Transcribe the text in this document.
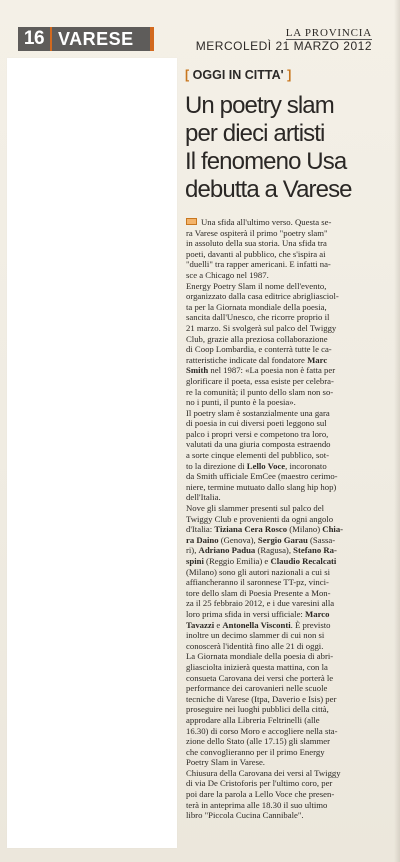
16 VARESE	LA PROVINCIA
MERCOLEDÌ 21 MARZO 2012
[ OGGI IN CITTA' ]
Un poetry slam
per dieci artisti
Il fenomeno Usa
debutta a Varese
Una sfida all'ultimo verso. Questa se-
ra Varese ospiterà il primo "poetry slam"
in assoluto della sua storia. Una sfida tra
poeti, davanti al pubblico, che s'ispira ai
"duelli" tra rapper americani. E infatti na-
sce a Chicago nel 1987.
Energy Poetry Slam il nome dell'evento,
organizzato dalla casa editrice abrigliasciol-
ta per la Giornata mondiale della poesia,
sancita dall'Unesco, che ricorre proprio il
21 marzo. Si svolgerà sul palco del Twiggy
Club, grazie alla preziosa collaborazione
di Coop Lombardia, e conterrà tutte le ca-
ratteristiche indicate dal fondatore Marc
Smith nel 1987: «La poesia non è fatta per
glorificare il poeta, essa esiste per celebra-
re la comunità; il punto dello slam non so-
no i punti, il punto è la poesia».
Il poetry slam è sostanzialmente una gara
di poesia in cui diversi poeti leggono sul
palco i propri versi e competono tra loro,
valutati da una giuria composta estraendo
a sorte cinque elementi del pubblico, sot-
to la direzione di Lello Voce, incoronato
da Smith ufficiale EmCee (maestro cerimo-
niere, termine mutuato dallo slang hip hop)
dell'Italia.
Nove gli slammer presenti sul palco del
Twiggy Club e provenienti da ogni angolo
d'Italia: Tiziana Cera Rosco (Milano) Chia-
ra Daino (Genova), Sergio Garau (Sassa-
ri), Adriano Padua (Ragusa), Stefano Ra-
spini (Reggio Emilia) e Claudio Recalcati
(Milano) sono gli autori nazionali a cui si
affiancheranno il saronnese TT-pz, vinci-
tore dello slam di Poesia Presente a Mon-
za il 25 febbraio 2012, e i due varesini alla
loro prima sfida in versi ufficiale: Marco
Tavazzi e Antonella Visconti. È previsto
inoltre un decimo slammer di cui non si
conoscerà l'identità fino alle 21 di oggi.
La Giornata mondiale della poesia di abri-
gliasciolta inizierà questa mattina, con la
consueta Carovana dei versi che porterà le
performance dei carovanieri nelle scuole
tecniche di Varese (Itpa, Daverio e Isis) per
proseguire nei luoghi pubblici della città,
approdare alla Libreria Feltrinelli (alle
16.30) di corso Moro e accogliere nella sta-
zione dello Stato (alle 17.15) gli slammer
che convoglieranno per il primo Energy
Poetry Slam in Varese.
Chiusura della Carovana dei versi al Twiggy
di via De Cristoforis per l'ultimo coro, per
poi dare la parola a Lello Voce che presen-
terà in anteprima alle 18.30 il suo ultimo
libro "Piccola Cucina Cannibale".
